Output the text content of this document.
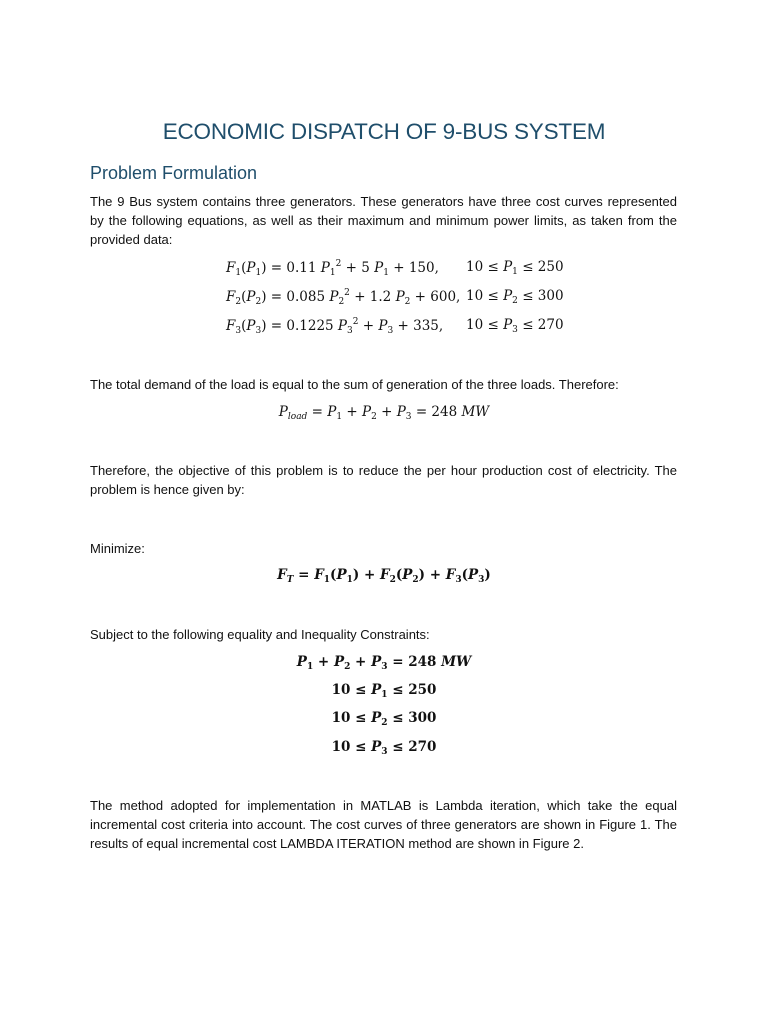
ECONOMIC DISPATCH OF 9-BUS SYSTEM
Problem Formulation
The 9 Bus system contains three generators. These generators have three cost curves represented by the following equations, as well as their maximum and minimum power limits, as taken from the provided data:
$F_1(P_1) = 0.11$ $P_1^2 + 5$ $P_1 + 150$, $10 \le P_1 \le 250$
$F_2(P_2) = 0.085$ $P_2^2 + 1.2$ $P_2 + 600$, $10 \le P_2 \le 300$
$F_3(P_3) = 0.1225$ $P_3^2 + P_3 + 335$, $10 \le P_3 \le 270$
The total demand of the load is equal to the sum of generation of the three loads. Therefore:
$P_{load} = P_1 + P_2 + P_3 = 248$ MW
Therefore, the objective of this problem is to reduce the per hour production cost of electricity. The problem is hence given by:
Minimize:
$F_T = F_1(P_1) + F_2(P_2) + F_3(P_3)$
Subject to the following equality and Inequality Constraints:
$P_1 + P_2 + P_3 = 248$ MW
$10 \le P_1 \le 250$
$10 \le P_2 \le 300$
$10 \le P_3 \le 270$
The method adopted for implementation in MATLAB is Lambda iteration, which take the equal incremental cost criteria into account. The cost curves of three generators are shown in Figure 1. The results of equal incremental cost LAMBDA ITERATION method are shown in Figure 2.
